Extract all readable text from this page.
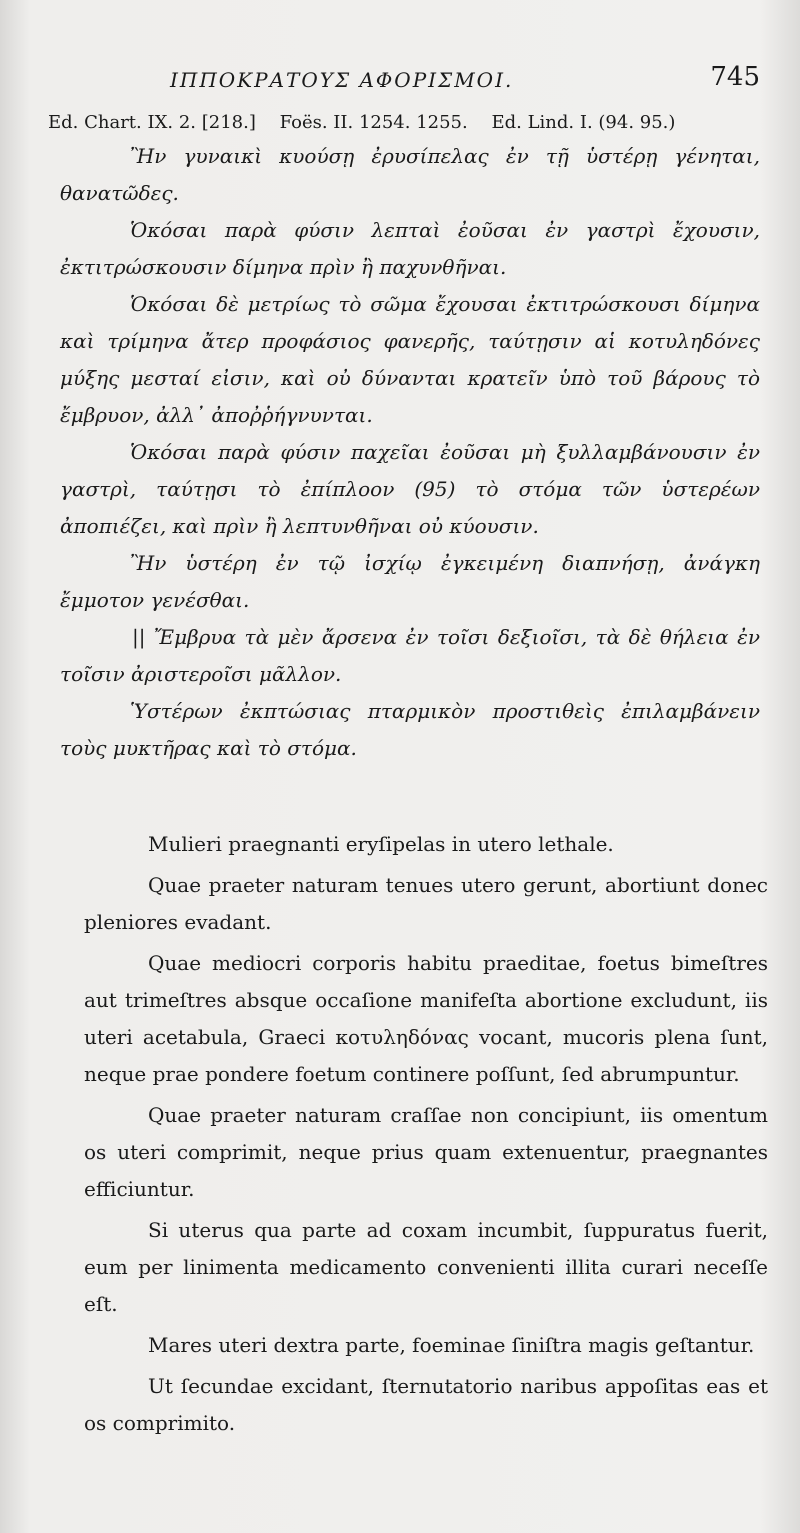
ΙΠΠΟΚΡΑΤΟΥΣ ΑΦΟΡΙΣΜΟΙ.	745
Ed. Chart. IX. 2. [218.] Foës. II. 1254. 1255. Ed. Lind. I. (94. 95.)

Ἢν γυναικὶ κυούσῃ ἐρυσίπελας ἐν τῇ ὑστέρῃ γένηται, θανατῶδες.

Ὁκόσαι παρὰ φύσιν λεπταὶ ἐοῦσαι ἐν γαστρὶ ἔχουσιν, ἐκτιτρώσκουσιν δίμηνα πρὶν ἢ παχυνθῆναι.

Ὁκόσαι δὲ μετρίως τὸ σῶμα ἔχουσαι ἐκτιτρώσκουσι δίμηνα καὶ τρίμηνα ἄτερ προφάσιος φανερῆς, ταύτῃσιν αἱ κοτυληδόνες μύξης μεσταί εἰσιν, καὶ οὐ δύνανται κρατεῖν ὑπὸ τοῦ βάρους τὸ ἔμβρυον, ἀλλ᾽ ἀποῤῥήγνυνται.

Ὁκόσαι παρὰ φύσιν παχεῖαι ἐοῦσαι μὴ ξυλλαμβάνουσιν ἐν γαστρὶ, ταύτῃσι τὸ ἐπίπλοον (95) τὸ στόμα τῶν ὑστερέων ἀποπιέζει, καὶ πρὶν ἢ λεπτυνθῆναι οὐ κύουσιν.

Ἢν ὑστέρη ἐν τῷ ἰσχίῳ ἐγκειμένη διαπνήσῃ, ἀνάγκη ἔμμοτον γενέσθαι.

|| Ἔμβρυα τὰ μὲν ἄρσενα ἐν τοῖσι δεξιοῖσι, τὰ δὲ θήλεια ἐν τοῖσιν ἀριστεροῖσι μᾶλλον.

Ὑστέρων ἐκπτώσιας πταρμικὸν προστιθεὶς ἐπιλαμβάνειν τοὺς μυκτῆρας καὶ τὸ στόμα.

Mulieri praegnanti eryſipelas in utero lethale.

Quae praeter naturam tenues utero gerunt, abortiunt donec pleniores evadant.

Quae mediocri corporis habitu praeditae, foetus bimeſtres aut trimeſtres absque occaſione manifeſta abortione excludunt, iis uteri acetabula, Graeci κοτυληδόνας vocant, mucoris plena ſunt, neque prae pondere foetum continere poſſunt, ſed abrumpuntur.

Quae praeter naturam craſſae non concipiunt, iis omentum os uteri comprimit, neque prius quam extenuentur, praegnantes efficiuntur.

Si uterus qua parte ad coxam incumbit, ſuppuratus fuerit, eum per linimenta medicamento convenienti illita curari neceſſe eſt.

Mares uteri dextra parte, foeminae ſiniſtra magis geſtantur.

Ut ſecundae excidant, ſternutatorio naribus appoſitas eas et os comprimito.
